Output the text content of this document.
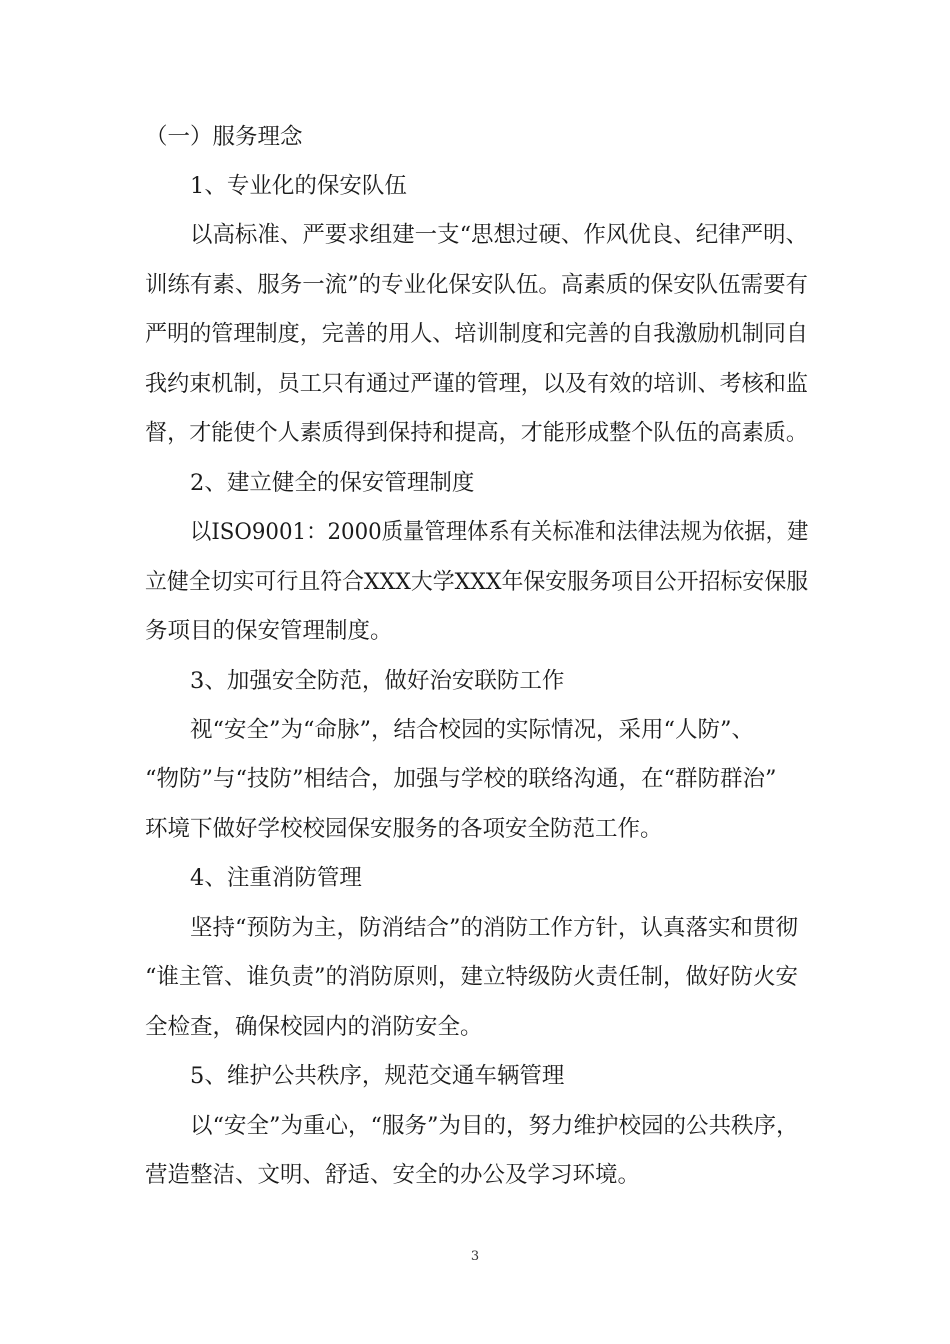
（一）服务理念

1、专业化的保安队伍

以高标准、严要求组建一支“思想过硬、作风优良、纪律严明、

训练有素、服务一流”的专业化保安队伍。高素质的保安队伍需要有

严明的管理制度，完善的用人、培训制度和完善的自我激励机制同自

我约束机制，员工只有通过严谨的管理，以及有效的培训、考核和监

督，才能使个人素质得到保持和提高，才能形成整个队伍的高素质。

2、建立健全的保安管理制度

以ISO9001：2000质量管理体系有关标准和法律法规为依据，建

立健全切实可行且符合XXX大学XXX年保安服务项目公开招标安保服

务项目的保安管理制度。

3、加强安全防范，做好治安联防工作

视“安全”为“命脉”，结合校园的实际情况，采用“人防”、

“物防”与“技防”相结合，加强与学校的联络沟通，在“群防群治”

环境下做好学校校园保安服务的各项安全防范工作。

4、注重消防管理

坚持“预防为主，防消结合”的消防工作方针，认真落实和贯彻

“谁主管、谁负责”的消防原则，建立特级防火责任制，做好防火安

全检查，确保校园内的消防安全。

5、维护公共秩序，规范交通车辆管理

以“安全”为重心，“服务”为目的，努力维护校园的公共秩序，

营造整洁、文明、舒适、安全的办公及学习环境。

3
